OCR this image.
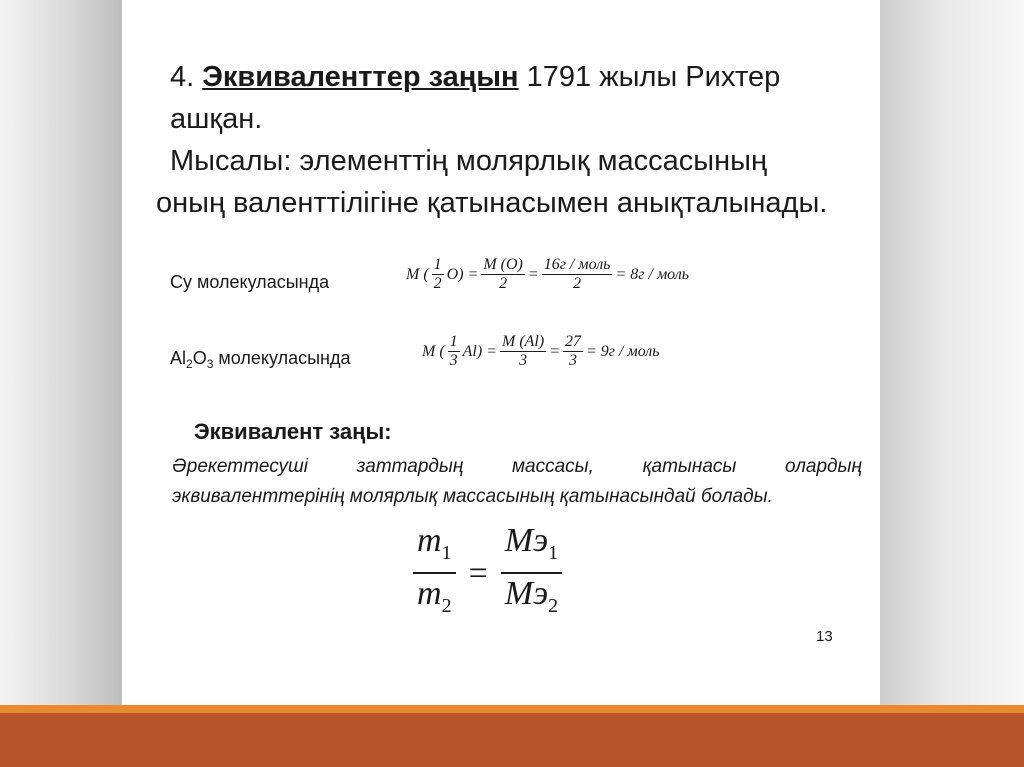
4. Эквиваленттер заңын 1791 жылы Рихтер
ашқан.
Мысалы: элементтің молярлық массасының
оның валенттілігіне қатынасымен анықталынады.
Су молекуласында	M ( $\frac{1}{2} O) = \frac{M (O)}{2} = \frac{\text{16г / моль}}{2} = 8г$ / моль
$Al_2O_3$ молекуласында	M ( $\frac{1}{3} Al) = \frac{M (Al)}{3} = \frac{27}{3} = 9г$ / моль
Эквивалент заңы:
Әрекеттесуші заттардың массасы, қатынасы олардың
эквиваленттерінің молярлық массасының қатынасындай болады.
$\frac{m_1}{m_2} = \frac{Mэ_1}{Mэ_2}$
13
